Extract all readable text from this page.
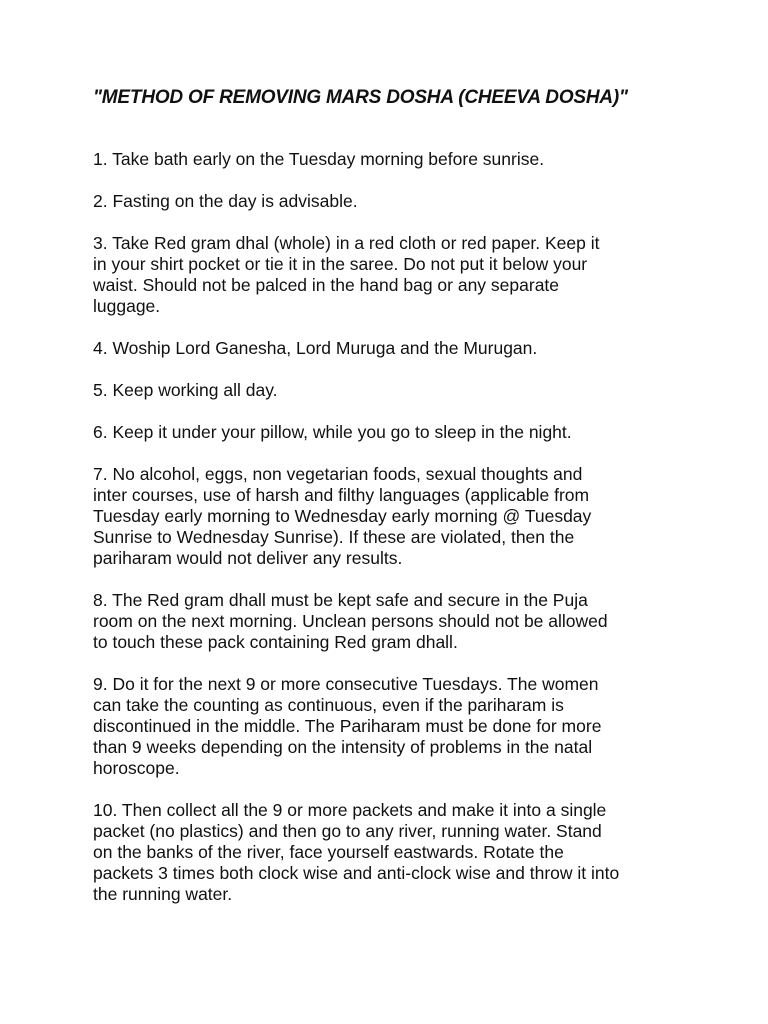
"METHOD OF REMOVING MARS DOSHA (CHEEVA DOSHA)"
1. Take bath early on the Tuesday morning before sunrise.
2. Fasting on the day is advisable.
3. Take Red gram dhal (whole) in a red cloth or red paper. Keep it
in your shirt pocket or tie it in the saree. Do not put it below your
waist. Should not be palced in the hand bag or any separate
luggage.
4. Woship Lord Ganesha, Lord Muruga and the Murugan.
5. Keep working all day.
6. Keep it under your pillow, while you go to sleep in the night.
7. No alcohol, eggs, non vegetarian foods, sexual thoughts and
inter courses, use of harsh and filthy languages (applicable from
Tuesday early morning to Wednesday early morning @ Tuesday
Sunrise to Wednesday Sunrise). If these are violated, then the
pariharam would not deliver any results.
8. The Red gram dhall must be kept safe and secure in the Puja
room on the next morning. Unclean persons should not be allowed
to touch these pack containing Red gram dhall.
9. Do it for the next 9 or more consecutive Tuesdays. The women
can take the counting as continuous, even if the pariharam is
discontinued in the middle. The Pariharam must be done for more
than 9 weeks depending on the intensity of problems in the natal
horoscope.
10. Then collect all the 9 or more packets and make it into a single
packet (no plastics) and then go to any river, running water. Stand
on the banks of the river, face yourself eastwards. Rotate the
packets 3 times both clock wise and anti-clock wise and throw it into
the running water.
